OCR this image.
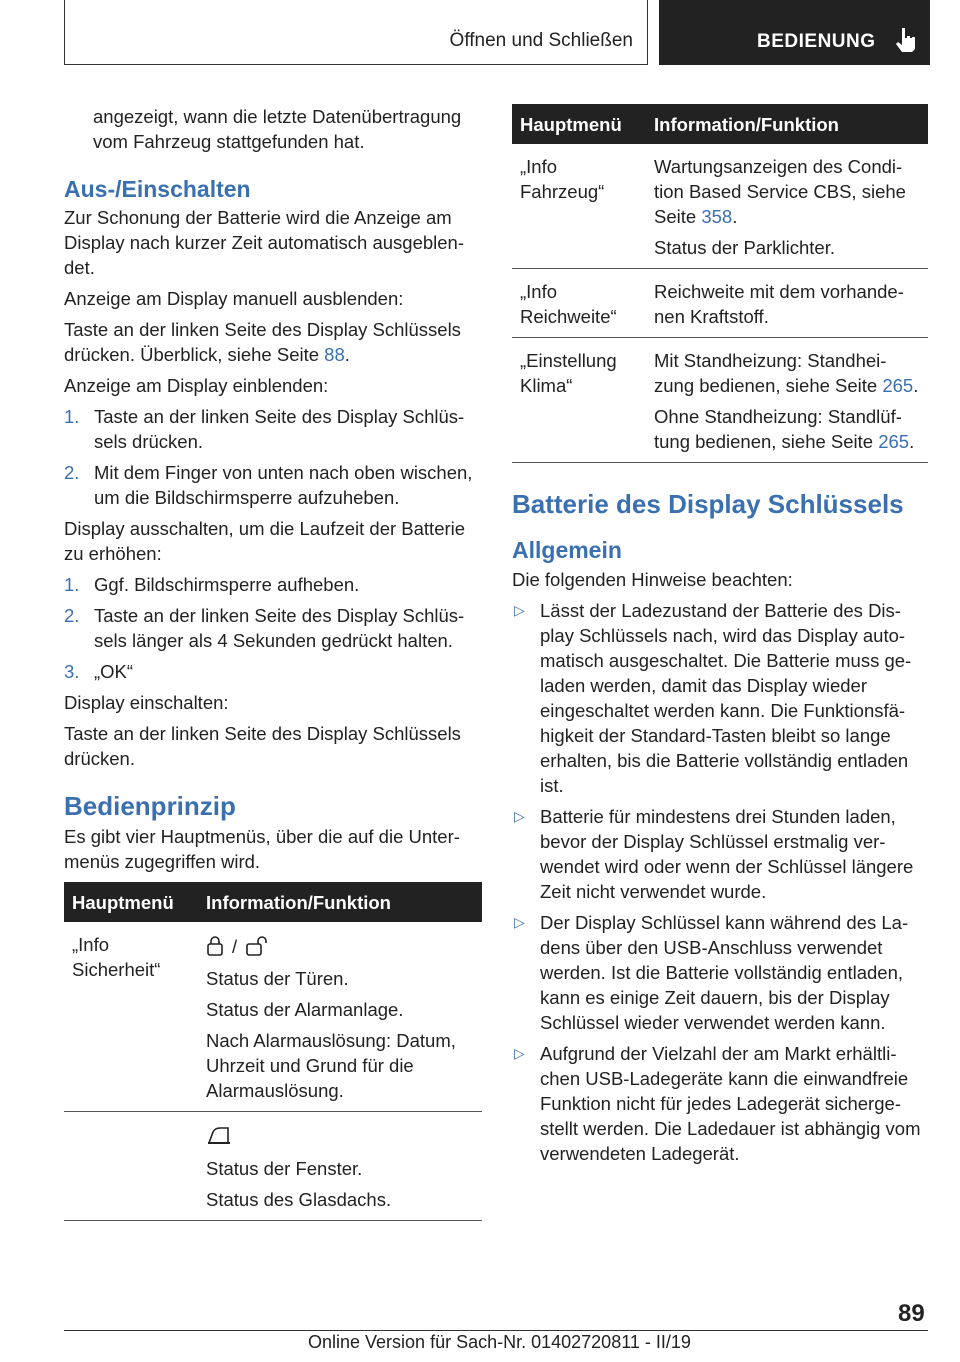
Öffnen und Schließen	BEDIENUNG

angezeigt, wann die letzte Datenübertragung vom Fahrzeug stattgefunden hat.

Aus-/Einschalten

Zur Schonung der Batterie wird die Anzeige am Display nach kurzer Zeit automatisch ausgeblendet.

Anzeige am Display manuell ausblenden:

Taste an der linken Seite des Display Schlüssels drücken. Überblick, siehe Seite 88.

Anzeige am Display einblenden:

1. Taste an der linken Seite des Display Schlüssels drücken.
2. Mit dem Finger von unten nach oben wischen, um die Bildschirmsperre aufzuheben.

Display ausschalten, um die Laufzeit der Batterie zu erhöhen:

1. Ggf. Bildschirmsperre aufheben.
2. Taste an der linken Seite des Display Schlüssels länger als 4 Sekunden gedrückt halten.
3. „OK“

Display einschalten:

Taste an der linken Seite des Display Schlüssels drücken.

Bedienprinzip

Es gibt vier Hauptmenüs, über die auf die Untermenüs zugegriffen wird.

Hauptmenü	Information/Funktion
„Info Sicherheit“	/

Status der Türen.

Status der Alarmanlage.

Nach Alarmauslösung: Datum, Uhrzeit und Grund für die Alarmauslösung.

	Status der Fenster.

Status des Glasdachs.

Hauptmenü	Information/Funktion
„Info Fahrzeug“	Wartungsanzeigen des Condition Based Service CBS, siehe Seite 358.

Status der Parklichter.

„Info Reichweite“	Reichweite mit dem vorhandenen Kraftstoff.

„Einstellung Klima“	Mit Standheizung: Standheizung bedienen, siehe Seite 265.

Ohne Standheizung: Standlüftung bedienen, siehe Seite 265.

Batterie des Display Schlüssels
Allgemein

Die folgenden Hinweise beachten:

▷ Lässt der Ladezustand der Batterie des Display Schlüssels nach, wird das Display automatisch ausgeschaltet. Die Batterie muss geladen werden, damit das Display wieder eingeschaltet werden kann. Die Funktionsfähigkeit der Standard-Tasten bleibt so lange erhalten, bis die Batterie vollständig entladen ist.
▷ Batterie für mindestens drei Stunden laden, bevor der Display Schlüssel erstmalig verwendet wird oder wenn der Schlüssel längere Zeit nicht verwendet wurde.
▷ Der Display Schlüssel kann während des Ladens über den USB-Anschluss verwendet werden. Ist die Batterie vollständig entladen, kann es einige Zeit dauern, bis der Display Schlüssel wieder verwendet werden kann.
▷ Aufgrund der Vielzahl der am Markt erhältlichen USB-Ladegeräte kann die einwandfreie Funktion nicht für jedes Ladegerät sichergestellt werden. Die Ladedauer ist abhängig vom verwendeten Ladegerät.
89
Online Version für Sach-Nr. 01402720811 - II/19
